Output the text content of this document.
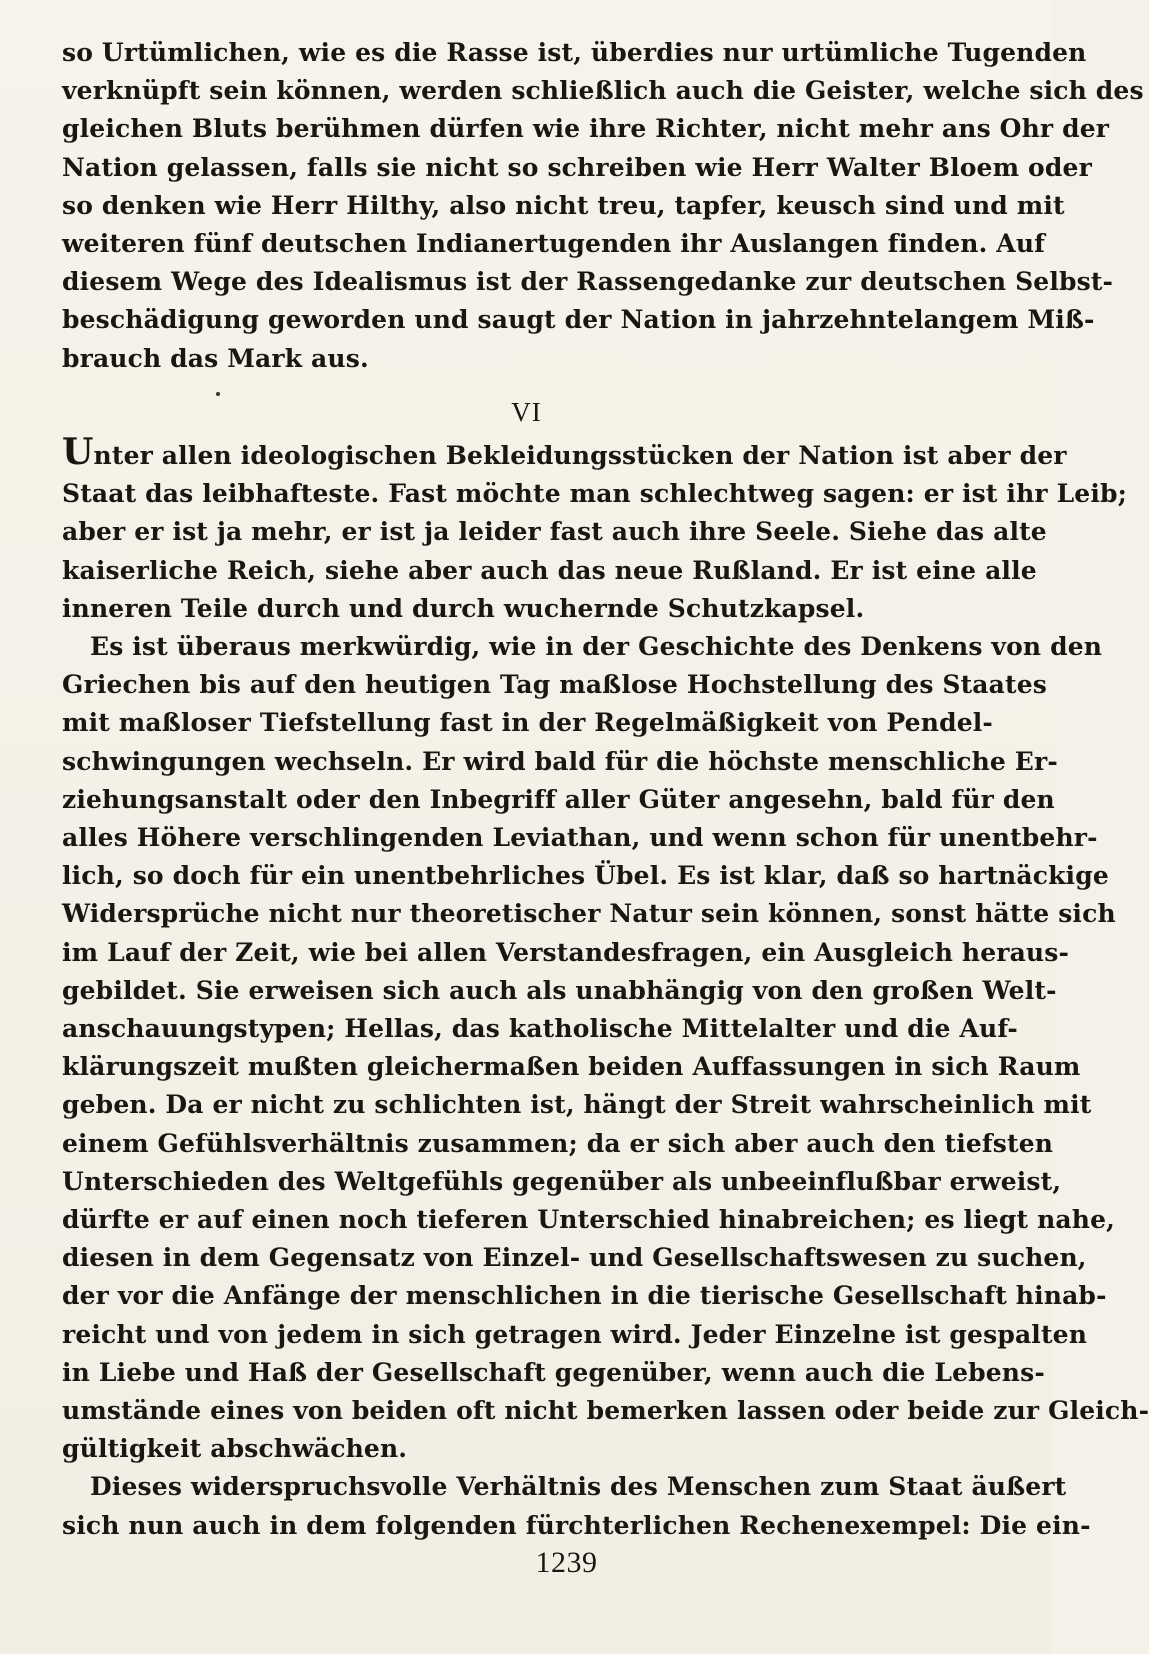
so Urtümlichen, wie es die Rasse ist, überdies nur urtümliche Tugenden
verknüpft sein können, werden schließlich auch die Geister, welche sich des
gleichen Bluts berühmen dürfen wie ihre Richter, nicht mehr ans Ohr der
Nation gelassen, falls sie nicht so schreiben wie Herr Walter Bloem oder
so denken wie Herr Hilthy, also nicht treu, tapfer, keusch sind und mit
weiteren fünf deutschen Indianertugenden ihr Auslangen finden. Auf
diesem Wege des Idealismus ist der Rassengedanke zur deutschen Selbst-
beschädigung geworden und saugt der Nation in jahrzehntelangem Miß-
brauch das Mark aus.
VI
Unter allen ideologischen Bekleidungsstücken der Nation ist aber der
Staat das leibhafteste. Fast möchte man schlechtweg sagen: er ist ihr Leib;
aber er ist ja mehr, er ist ja leider fast auch ihre Seele. Siehe das alte
kaiserliche Reich, siehe aber auch das neue Rußland. Er ist eine alle
inneren Teile durch und durch wuchernde Schutzkapsel.
Es ist überaus merkwürdig, wie in der Geschichte des Denkens von den
Griechen bis auf den heutigen Tag maßlose Hochstellung des Staates
mit maßloser Tiefstellung fast in der Regelmäßigkeit von Pendel-
schwingungen wechseln. Er wird bald für die höchste menschliche Er-
ziehungsanstalt oder den Inbegriff aller Güter angesehn, bald für den
alles Höhere verschlingenden Leviathan, und wenn schon für unentbehr-
lich, so doch für ein unentbehrliches Übel. Es ist klar, daß so hartnäckige
Widersprüche nicht nur theoretischer Natur sein können, sonst hätte sich
im Lauf der Zeit, wie bei allen Verstandesfragen, ein Ausgleich heraus-
gebildet. Sie erweisen sich auch als unabhängig von den großen Welt-
anschauungstypen; Hellas, das katholische Mittelalter und die Auf-
klärungszeit mußten gleichermaßen beiden Auffassungen in sich Raum
geben. Da er nicht zu schlichten ist, hängt der Streit wahrscheinlich mit
einem Gefühlsverhältnis zusammen; da er sich aber auch den tiefsten
Unterschieden des Weltgefühls gegenüber als unbeeinflußbar erweist,
dürfte er auf einen noch tieferen Unterschied hinabreichen; es liegt nahe,
diesen in dem Gegensatz von Einzel- und Gesellschaftswesen zu suchen,
der vor die Anfänge der menschlichen in die tierische Gesellschaft hinab-
reicht und von jedem in sich getragen wird. Jeder Einzelne ist gespalten
in Liebe und Haß der Gesellschaft gegenüber, wenn auch die Lebens-
umstände eines von beiden oft nicht bemerken lassen oder beide zur Gleich-
gültigkeit abschwächen.
Dieses widerspruchsvolle Verhältnis des Menschen zum Staat äußert
sich nun auch in dem folgenden fürchterlichen Rechenexempel: Die ein-
1239
